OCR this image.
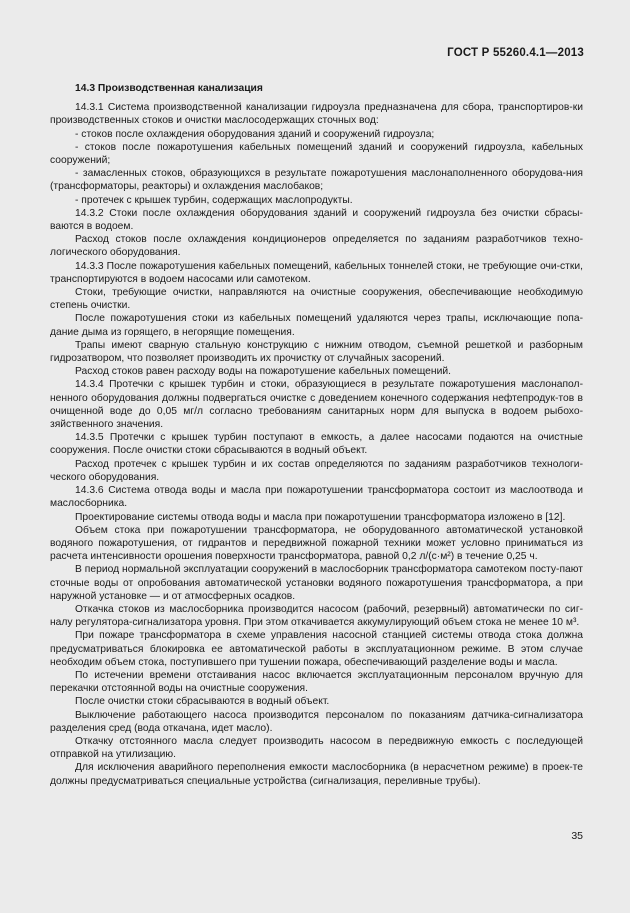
ГОСТ Р 55260.4.1—2013
14.3 Производственная канализация
14.3.1 Система производственной канализации гидроузла предназначена для сбора, транспортиров-ки производственных стоков и очистки маслосодержащих сточных вод:
- стоков после охлаждения оборудования зданий и сооружений гидроузла;
- стоков после пожаротушения кабельных помещений зданий и сооружений гидроузла, кабельных сооружений;
- замасленных стоков, образующихся в результате пожаротушения маслонаполненного оборудова-ния (трансформаторы, реакторы) и охлаждения маслобаков;
- протечек с крышек турбин, содержащих маслопродукты.
14.3.2 Стоки после охлаждения оборудования зданий и сооружений гидроузла без очистки сбрасы-ваются в водоем.
Расход стоков после охлаждения кондиционеров определяется по заданиям разработчиков техно-логического оборудования.
14.3.3 После пожаротушения кабельных помещений, кабельных тоннелей стоки, не требующие очи-стки, транспортируются в водоем насосами или самотеком.
Стоки, требующие очистки, направляются на очистные сооружения, обеспечивающие необходимую степень очистки.
После пожаротушения стоки из кабельных помещений удаляются через трапы, исключающие попа-дание дыма из горящего, в негорящие помещения.
Трапы имеют сварную стальную конструкцию с нижним отводом, съемной решеткой и разборным гидрозатвором, что позволяет производить их прочистку от случайных засорений.
Расход стоков равен расходу воды на пожаротушение кабельных помещений.
14.3.4 Протечки с крышек турбин и стоки, образующиеся в результате пожаротушения маслонапол-ненного оборудования должны подвергаться очистке с доведением конечного содержания нефтепродук-тов в очищенной воде до 0,05 мг/л согласно требованиям санитарных норм для выпуска в водоем рыбохо-зяйственного значения.
14.3.5 Протечки с крышек турбин поступают в емкость, а далее насосами подаются на очистные сооружения. После очистки стоки сбрасываются в водный объект.
Расход протечек с крышек турбин и их состав определяются по заданиям разработчиков технологи-ческого оборудования.
14.3.6 Система отвода воды и масла при пожаротушении трансформатора состоит из маслоотвода и маслосборника.
Проектирование системы отвода воды и масла при пожаротушении трансформатора изложено в [12].
Объем стока при пожаротушении трансформатора, не оборудованного автоматической установкой водяного пожаротушения, от гидрантов и передвижной пожарной техники может условно приниматься из расчета интенсивности орошения поверхности трансформатора, равной 0,2 л/(с·м²) в течение 0,25 ч.
В период нормальной эксплуатации сооружений в маслосборник трансформатора самотеком посту-пают сточные воды от опробования автоматической установки водяного пожаротушения трансформатора, а при наружной установке — и от атмосферных осадков.
Откачка стоков из маслосборника производится насосом (рабочий, резервный) автоматически по сиг-налу регулятора-сигнализатора уровня. При этом откачивается аккумулирующий объем стока не менее 10 м³.
При пожаре трансформатора в схеме управления насосной станцией системы отвода стока должна предусматриваться блокировка ее автоматической работы в эксплуатационном режиме. В этом случае необходим объем стока, поступившего при тушении пожара, обеспечивающий разделение воды и масла.
По истечении времени отстаивания насос включается эксплуатационным персоналом вручную для перекачки отстоянной воды на очистные сооружения.
После очистки стоки сбрасываются в водный объект.
Выключение работающего насоса производится персоналом по показаниям датчика-сигнализатора разделения сред (вода откачана, идет масло).
Откачку отстоянного масла следует производить насосом в передвижную емкость с последующей отправкой на утилизацию.
Для исключения аварийного переполнения емкости маслосборника (в нерасчетном режиме) в проек-те должны предусматриваться специальные устройства (сигнализация, переливные трубы).
35
